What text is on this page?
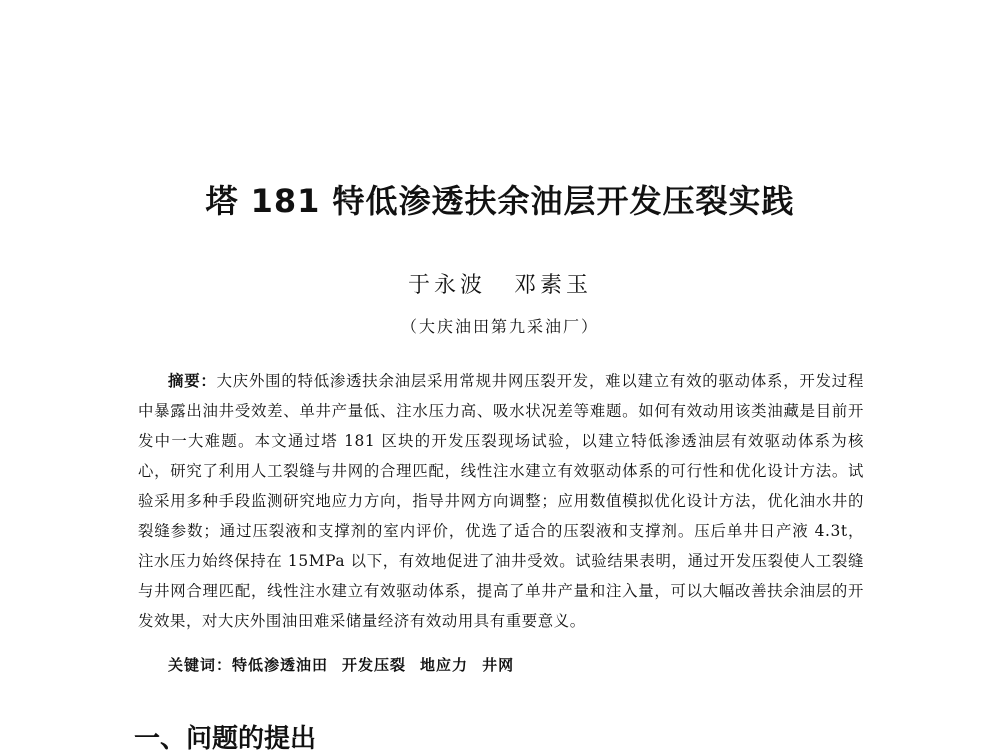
塔 181 特低渗透扶余油层开发压裂实践
于永波 邓素玉
（大庆油田第九采油厂）

摘要：大庆外围的特低渗透扶余油层采用常规井网压裂开发，难以建立有效的驱动体系，开发过程中暴露出油井受效差、单井产量低、注水压力高、吸水状况差等难题。如何有效动用该类油藏是目前开发中一大难题。本文通过塔 181 区块的开发压裂现场试验，以建立特低渗透油层有效驱动体系为核心，研究了利用人工裂缝与井网的合理匹配，线性注水建立有效驱动体系的可行性和优化设计方法。试验采用多种手段监测研究地应力方向，指导井网方向调整；应用数值模拟优化设计方法，优化油水井的裂缝参数；通过压裂液和支撑剂的室内评价，优选了适合的压裂液和支撑剂。压后单井日产液 4.3t，注水压力始终保持在 15MPa 以下，有效地促进了油井受效。试验结果表明，通过开发压裂使人工裂缝与井网合理匹配，线性注水建立有效驱动体系，提高了单井产量和注入量，可以大幅改善扶余油层的开发效果，对大庆外围油田难采储量经济有效动用具有重要意义。

关键词：特低渗透油田 开发压裂 地应力 井网
一、问题的提出
